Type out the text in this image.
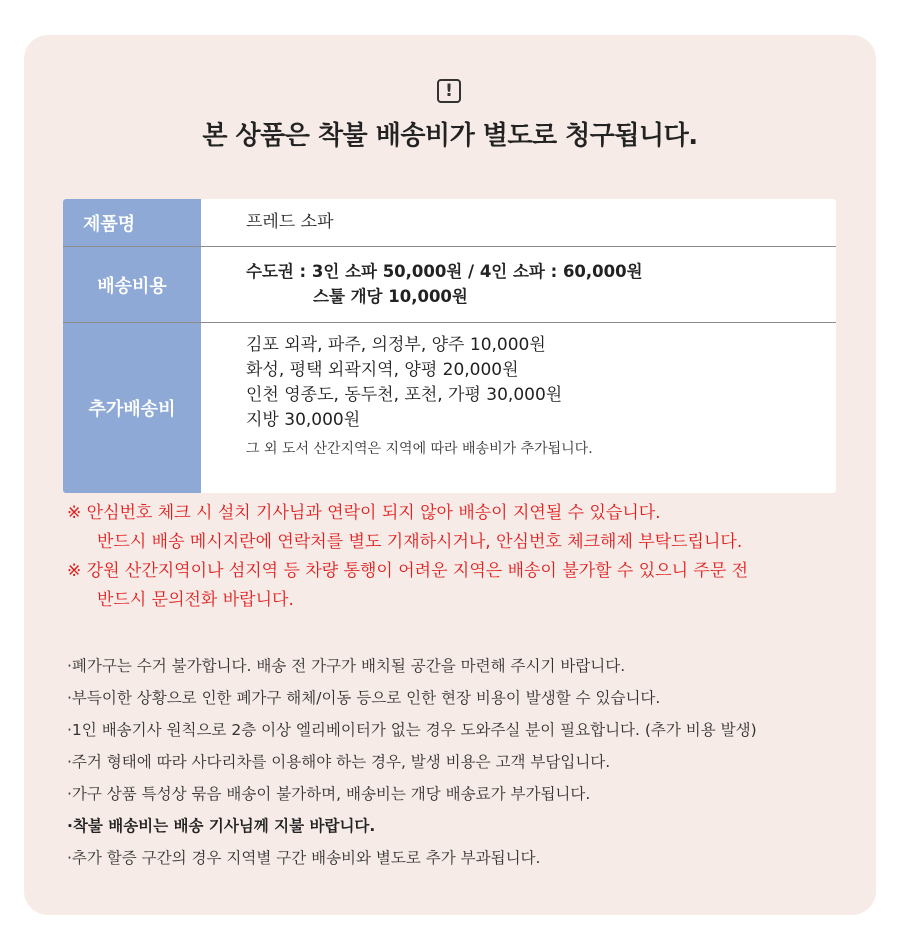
!
본 상품은 착불 배송비가 별도로 청구됩니다.
제품명	프레드 소파
배송비용
수도권 : 3인 소파 50,000원 / 4인 소파 : 60,000원
스툴 개당 10,000원
추가배송비
김포 외곽, 파주, 의정부, 양주 10,000원
화성, 평택 외곽지역, 양평 20,000원
인천 영종도, 동두천, 포천, 가평 30,000원
지방 30,000원
그 외 도서 산간지역은 지역에 따라 배송비가 추가됩니다.
※ 안심번호 체크 시 설치 기사님과 연락이 되지 않아 배송이 지연될 수 있습니다.
반드시 배송 메시지란에 연락처를 별도 기재하시거나, 안심번호 체크해제 부탁드립니다.
※ 강원 산간지역이나 섬지역 등 차량 통행이 어려운 지역은 배송이 불가할 수 있으니 주문 전
반드시 문의전화 바랍니다.
·폐가구는 수거 불가합니다. 배송 전 가구가 배치될 공간을 마련해 주시기 바랍니다.
·부득이한 상황으로 인한 폐가구 해체/이동 등으로 인한 현장 비용이 발생할 수 있습니다.
·1인 배송기사 원칙으로 2층 이상 엘리베이터가 없는 경우 도와주실 분이 필요합니다. (추가 비용 발생)
·주거 형태에 따라 사다리차를 이용해야 하는 경우, 발생 비용은 고객 부담입니다.
·가구 상품 특성상 묶음 배송이 불가하며, 배송비는 개당 배송료가 부가됩니다.
·착불 배송비는 배송 기사님께 지불 바랍니다.
·추가 할증 구간의 경우 지역별 구간 배송비와 별도로 추가 부과됩니다.
